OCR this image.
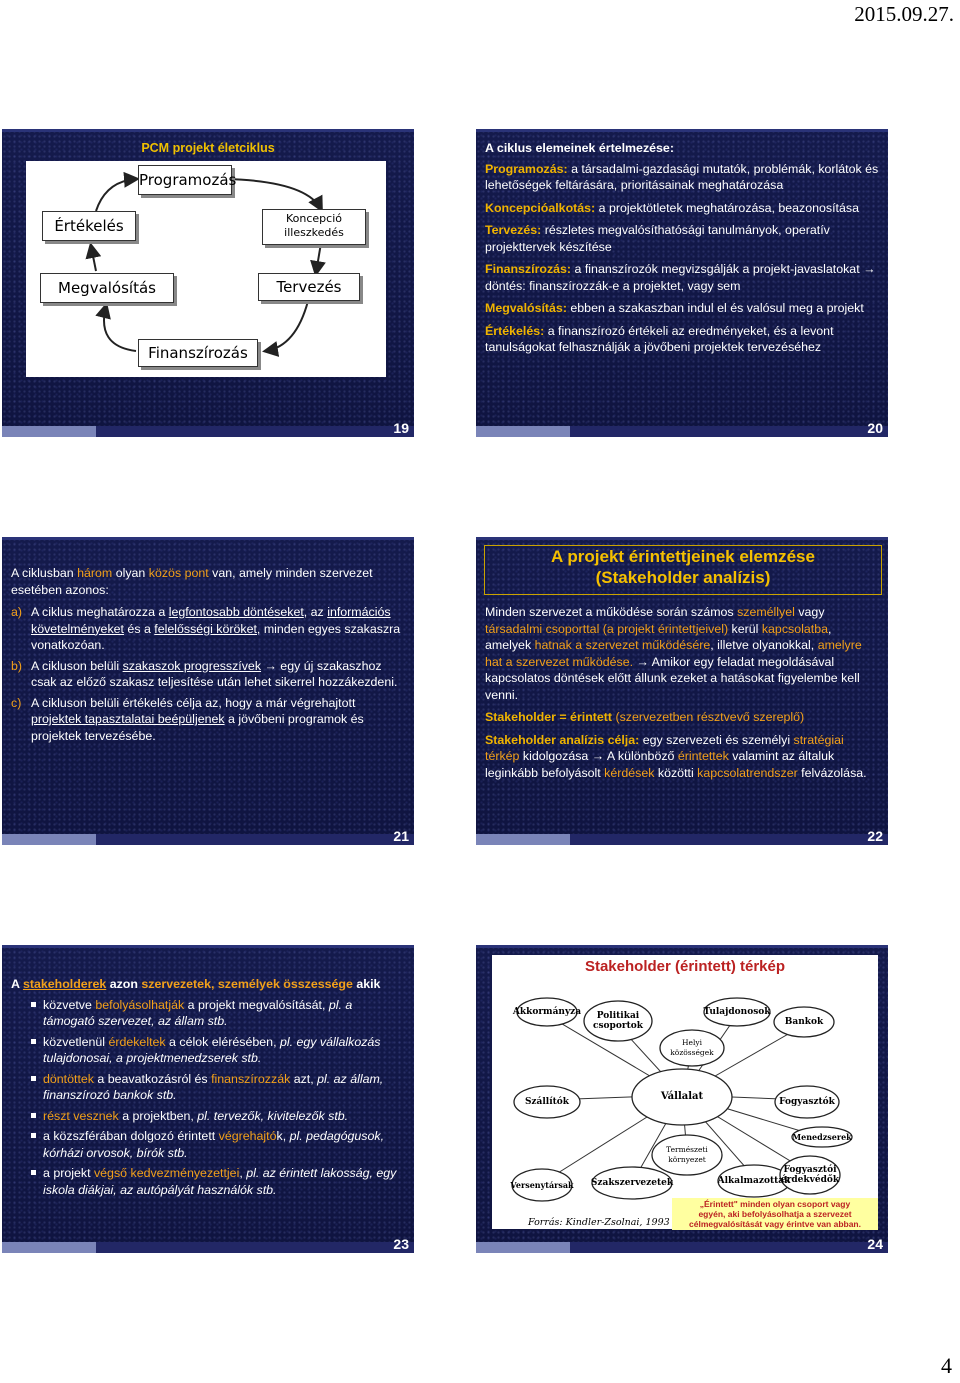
2015.09.27.
PCM projekt életciklus
Programozás
Koncepció illeszkedés
Tervezés
Finanszírozás
Megvalósítás
Értékelés
19

A ciklus elemeinek értelmezése:

Programozás: a társadalmi-gazdasági mutatók, problémák, korlátok és lehetőségek feltárására, prioritásainak meghatározása

Koncepcióalkotás: a projektötletek meghatározása, beazonosítása

Tervezés: részletes megvalósíthatósági tanulmányok, operatív projekttervek készítése

Finanszírozás: a finanszírozók megvizsgálják a projekt-javaslatokat → döntés: finanszírozzák-e a projektet, vagy sem

Megvalósítás: ebben a szakaszban indul el és valósul meg a projekt

Értékelés: a finanszírozó értékeli az eredményeket, és a levont tanulságokat felhasználják a jövőbeni projektek tervezéséhez

20

A ciklusban három olyan közös pont van, amely minden szervezet esetében azonos:

a) A ciklus meghatározza a legfontosabb döntéseket, az információs követelményeket és a felelősségi köröket, minden egyes szakaszra vonatkozóan.
b) A cikluson belüli szakaszok progresszívek → egy új szakaszhoz csak az előző szakasz teljesítése után lehet sikerrel hozzákezdeni.
c) A cikluson belüli értékelés célja az, hogy a már végrehajtott projektek tapasztalatai beépüljenek a jövőbeni programok és projektek tervezésébe.
21
A projekt érintettjeinek elemzése
(Stakeholder analízis)

Minden szervezet a működése során számos személlyel vagy társadalmi csoporttal (a projekt érintettjeivel) kerül kapcsolatba, amelyek hatnak a szervezet működésére, illetve olyanokkal, amelyre hat a szervezet működése. → Amikor egy feladat megoldásával kapcsolatos döntések előtt állunk ezeket a hatásokat figyelembe kell venni.

Stakeholder = érintett (szervezetben résztvevő szereplő)

Stakeholder analízis célja: egy szervezeti és személyi stratégiai térkép kidolgozása → A különböző érintettek valamint az általuk leginkább befolyásolt kérdések közötti kapcsolatrendszer felvázolása.

22

A stakeholderek azon szervezetek, személyek összessége akik

közvetve befolyásolhatják a projekt megvalósítását, pl. a támogató szervezet, az állam stb.
közvetlenül érdekeltek a célok elérésében, pl. egy vállalkozás tulajdonosai, a projektmenedzserek stb.
döntöttek a beavatkozásról és finanszírozzák azt, pl. az állam, finanszírozó bankok stb.
részt vesznek a projektben, pl. tervezők, kivitelezők stb.
a közszférában dolgozó érintett végrehajtók, pl. pedagógusok, kórházi orvosok, bírók stb.
a projekt végső kedvezményezettjei, pl. az érintett lakosság, egy iskola diákjai, az autópályát használók stb.
23
Stakeholder (érintett) térkép
Akkormányza	Politikai csoportok
Tulajdonosok
Bankok
Helyi közösségek
Szállítók	Vállalat	Fogyasztók
Menedzserek
Természeti környezet
Versenytársak Szakszervezetek	Alkalmazottak
Fogyasztói érdekvédők
„Érintett" minden olyan csoport vagy
egyén, aki befolyásolhatja a szervezet
célmegvalósítását vagy érintve van abban.
Forrás: Kindler-Zsolnai, 1993
24
4
